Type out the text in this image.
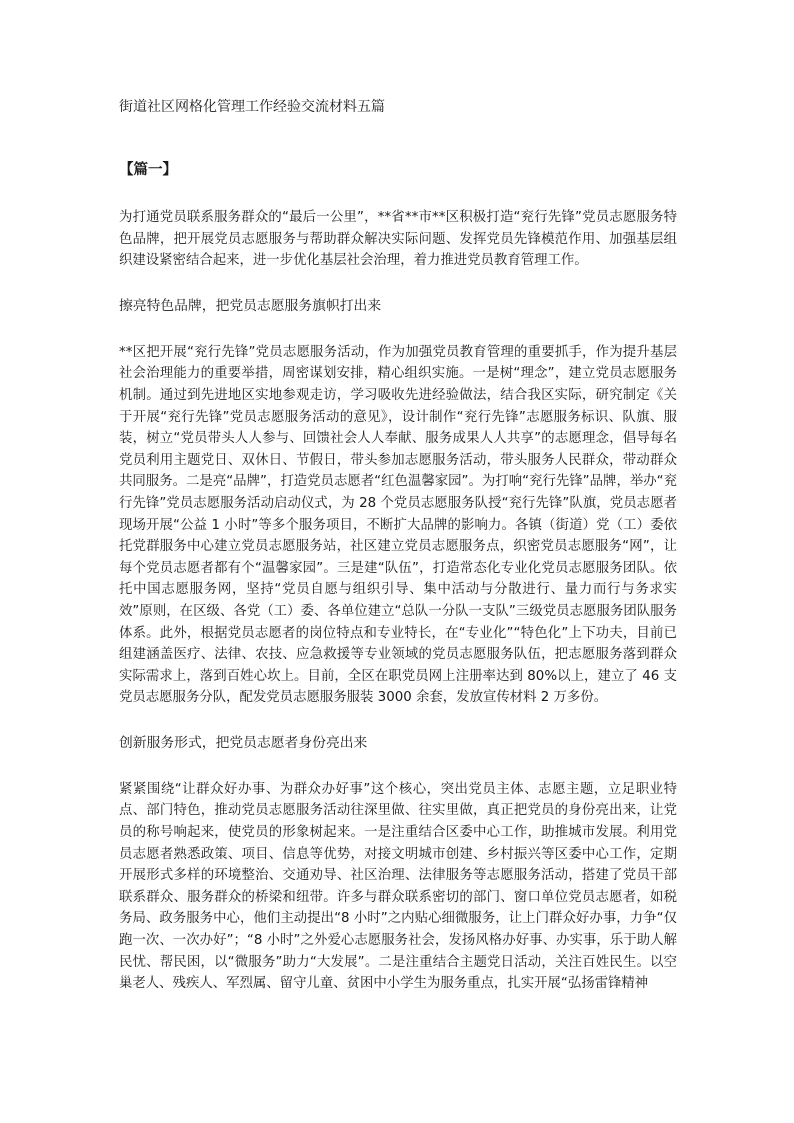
街道社区网格化管理工作经验交流材料五篇
【篇一】

为打通党员联系服务群众的“最后一公里”，**省**市**区积极打造“兖行先锋”党员志愿服务特色品牌，把开展党员志愿服务与帮助群众解决实际问题、发挥党员先锋模范作用、加强基层组织建设紧密结合起来，进一步优化基层社会治理，着力推进党员教育管理工作。

擦亮特色品牌，把党员志愿服务旗帜打出来

**区把开展“兖行先锋”党员志愿服务活动，作为加强党员教育管理的重要抓手，作为提升基层社会治理能力的重要举措，周密谋划安排，精心组织实施。一是树“理念”，建立党员志愿服务机制。通过到先进地区实地参观走访，学习吸收先进经验做法，结合我区实际，研究制定《关于开展“兖行先锋”党员志愿服务活动的意见》，设计制作“兖行先锋”志愿服务标识、队旗、服装，树立“党员带头人人参与、回馈社会人人奉献、服务成果人人共享”的志愿理念，倡导每名党员利用主题党日、双休日、节假日，带头参加志愿服务活动，带头服务人民群众，带动群众共同服务。二是亮“品牌”，打造党员志愿者“红色温馨家园”。为打响“兖行先锋”品牌，举办“兖行先锋”党员志愿服务活动启动仪式，为 28 个党员志愿服务队授“兖行先锋”队旗，党员志愿者现场开展“公益 1 小时”等多个服务项目，不断扩大品牌的影响力。各镇（街道）党（工）委依托党群服务中心建立党员志愿服务站，社区建立党员志愿服务点，织密党员志愿服务“网”，让每个党员志愿者都有个“温馨家园”。三是建“队伍”，打造常态化专业化党员志愿服务团队。依托中国志愿服务网，坚持“党员自愿与组织引导、集中活动与分散进行、量力而行与务求实效”原则，在区级、各党（工）委、各单位建立“总队一分队一支队”三级党员志愿服务团队服务体系。此外，根据党员志愿者的岗位特点和专业特长，在“专业化”“特色化”上下功夫，目前已组建涵盖医疗、法律、农技、应急救援等专业领域的党员志愿服务队伍，把志愿服务落到群众实际需求上，落到百姓心坎上。目前，全区在职党员网上注册率达到 80%以上，建立了 46 支党员志愿服务分队，配发党员志愿服务服装 3000 余套，发放宣传材料 2 万多份。

创新服务形式，把党员志愿者身份亮出来

紧紧围绕“让群众好办事、为群众办好事”这个核心，突出党员主体、志愿主题，立足职业特点、部门特色，推动党员志愿服务活动往深里做、往实里做，真正把党员的身份亮出来，让党员的称号响起来，使党员的形象树起来。一是注重结合区委中心工作，助推城市发展。利用党员志愿者熟悉政策、项目、信息等优势，对接文明城市创建、乡村振兴等区委中心工作，定期开展形式多样的环境整治、交通劝导、社区治理、法律服务等志愿服务活动，搭建了党员干部联系群众、服务群众的桥梁和纽带。许多与群众联系密切的部门、窗口单位党员志愿者，如税务局、政务服务中心，他们主动提出“8 小时”之内贴心细微服务，让上门群众好办事，力争“仅跑一次、一次办好”；“8 小时”之外爱心志愿服务社会，发扬风格办好事、办实事，乐于助人解民忧、帮民困，以“微服务”助力“大发展”。二是注重结合主题党日活动，关注百姓民生。以空巢老人、残疾人、军烈属、留守儿童、贫困中小学生为服务重点，扎实开展“弘扬雷锋精神
